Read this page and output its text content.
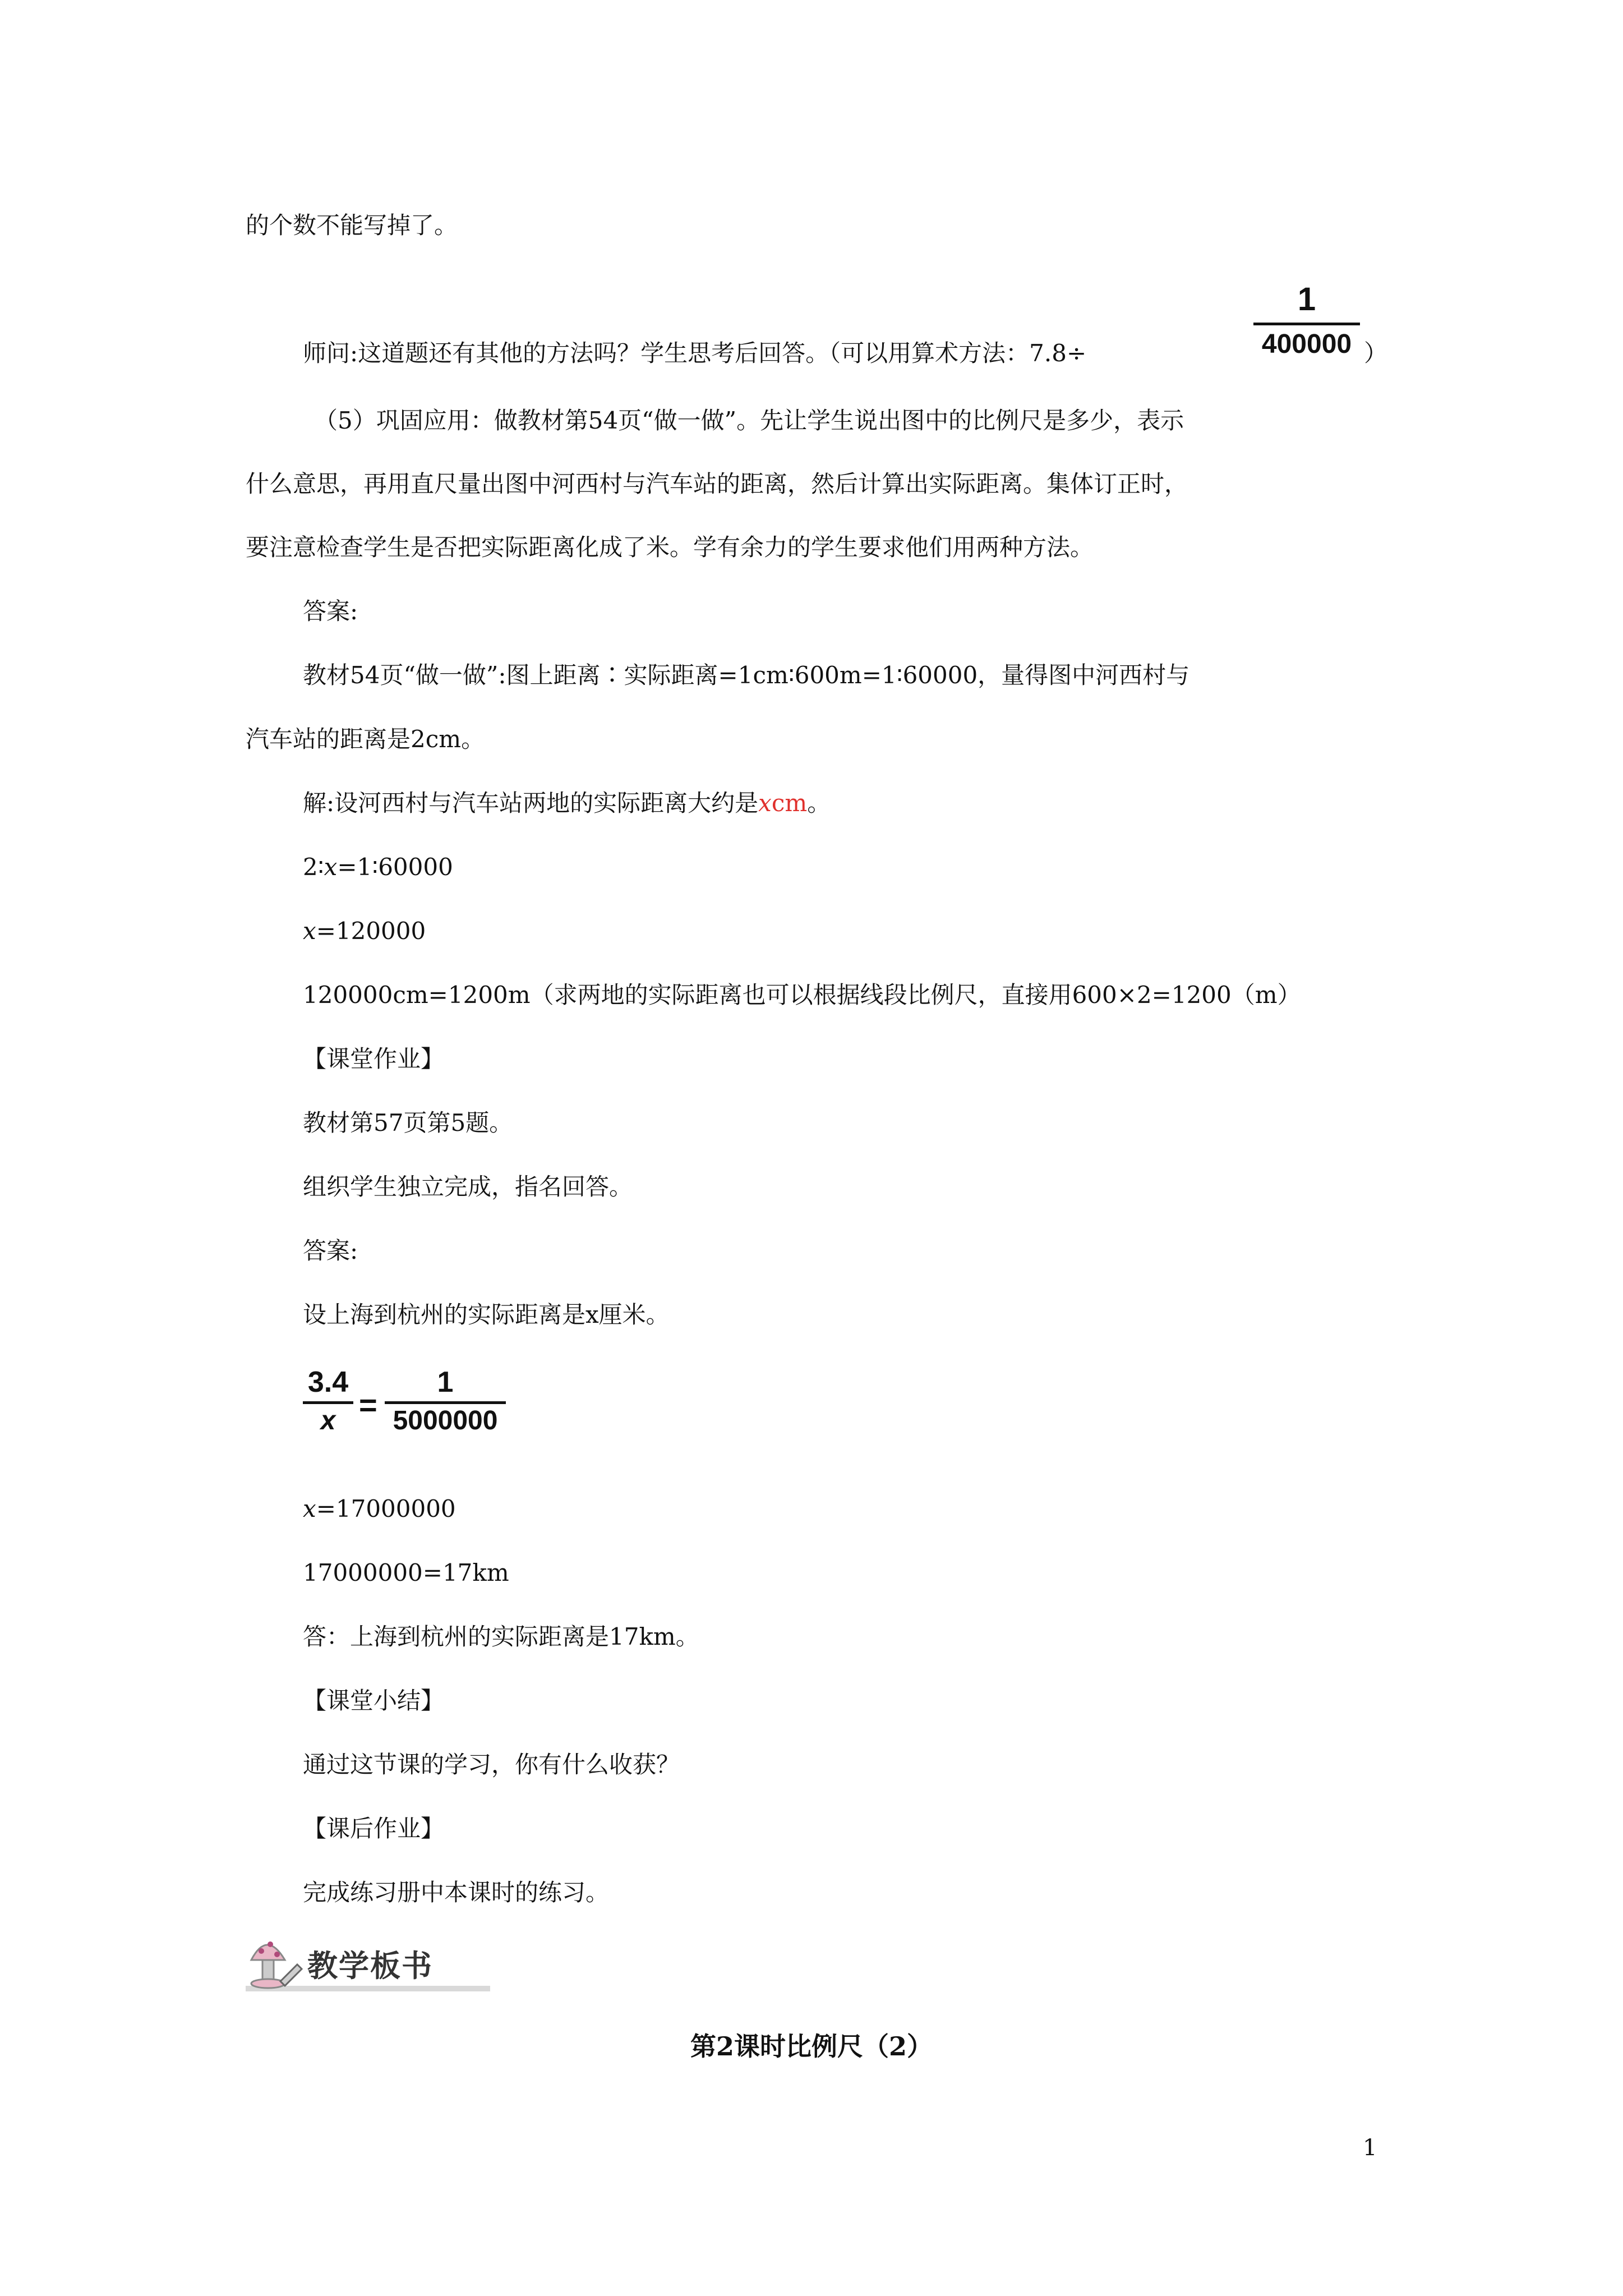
的个数不能写掉了。
师问:这道题还有其他的方法吗？学生思考后回答。（可以用算术方法：7.8÷
1
400000 ）
（5）巩固应用：做教材第54页“做一做”。先让学生说出图中的比例尺是多少，表示
什么意思，再用直尺量出图中河西村与汽车站的距离，然后计算出实际距离。集体订正时，
要注意检查学生是否把实际距离化成了米。学有余力的学生要求他们用两种方法。
答案:
教材54页“做一做”:图上距离∶实际距离=1cm∶600m=1∶60000，量得图中河西村与
汽车站的距离是2cm。
解:设河西村与汽车站两地的实际距离大约是xcm。
2∶x=1∶60000
x=120000
120000cm=1200m（求两地的实际距离也可以根据线段比例尺，直接用600×2=1200（m）
【课堂作业】
教材第57页第5题。
组织学生独立完成，指名回答。
答案:
设上海到杭州的实际距离是x厘米。
3.4
x =
1
5000000
x=17000000
17000000=17km
答：上海到杭州的实际距离是17km。
【课堂小结】
通过这节课的学习，你有什么收获？
【课后作业】
完成练习册中本课时的练习。
教学板书
第2课时比例尺（2）
1
